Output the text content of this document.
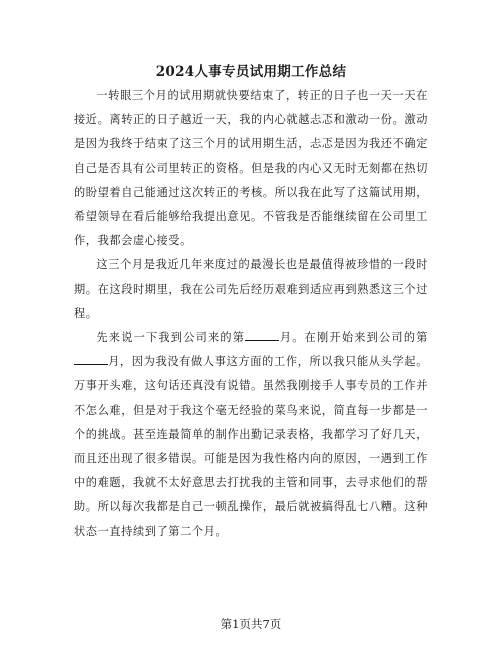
2024人事专员试用期工作总结

一转眼三个月的试用期就快要结束了，转正的日子也一天一天在接近。离转正的日子越近一天，我的内心就越忐忑和激动一份。激动是因为我终于结束了这三个月的试用期生活，忐忑是因为我还不确定自己是否具有公司里转正的资格。但是我的内心又无时无刻都在热切的盼望着自己能通过这次转正的考核。所以我在此写了这篇试用期，希望领导在看后能够给我提出意见。不管我是否能继续留在公司里工作，我都会虚心接受。

这三个月是我近几年来度过的最漫长也是最值得被珍惜的一段时期。在这段时期里，我在公司先后经历艰难到适应再到熟悉这三个过程。

先来说一下我到公司来的第	月。在刚开始来到公司的第月，因为我没有做人事这方面的工作，所以我只能从头学起。万事开头难，这句话还真没有说错。虽然我刚接手人事专员的工作并不怎么难，但是对于我这个毫无经验的菜鸟来说，简直每一步都是一个的挑战。甚至连最简单的制作出勤记录表格，我都学习了好几天，而且还出现了很多错误。可能是因为我性格内向的原因，一遇到工作中的难题，我就不太好意思去打扰我的主管和同事，去寻求他们的帮助。所以每次我都是自己一顿乱操作，最后就被搞得乱七八糟。这种状态一直持续到了第二个月。

第1页共7页
